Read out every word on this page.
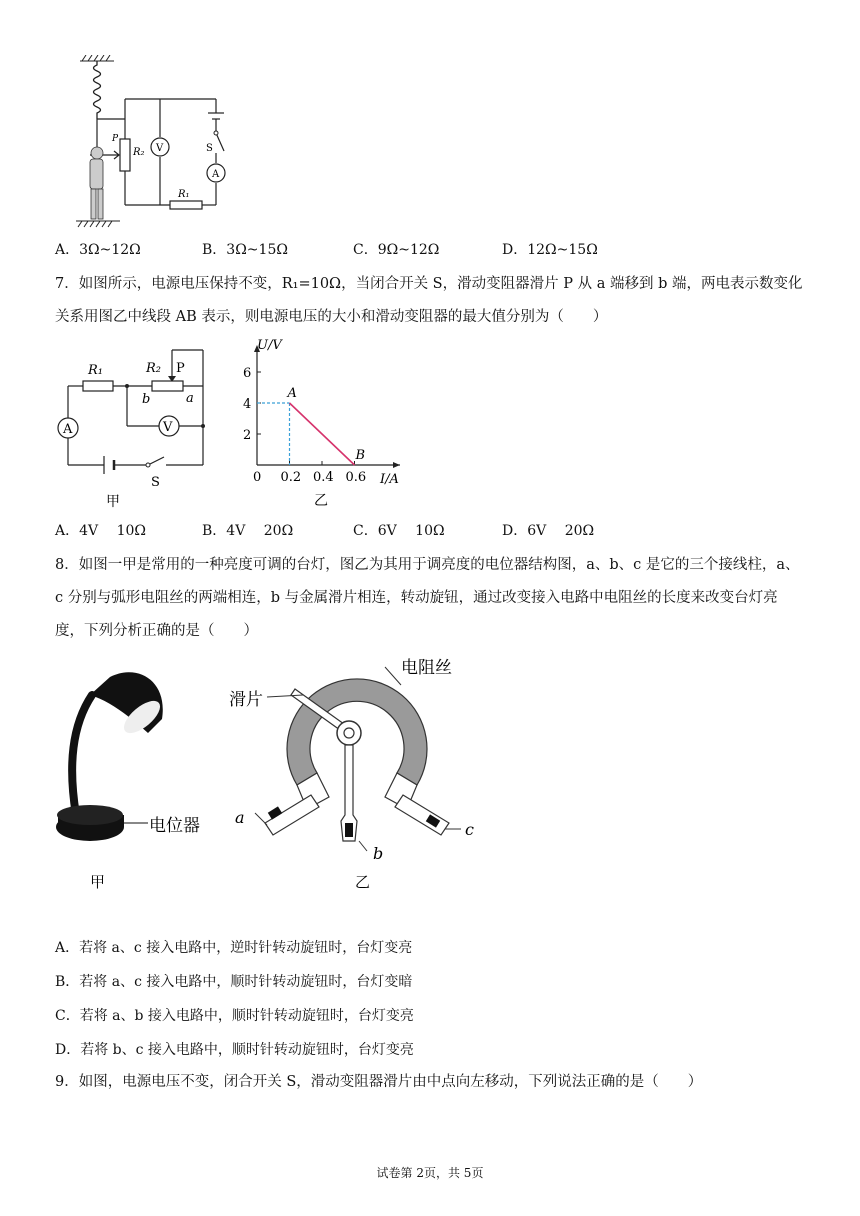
P
R₂ V	S
A
R₁
A．3Ω~12Ω	B．3Ω~15Ω	C．9Ω~12Ω	D．12Ω~15Ω
7．如图所示，电源电压保持不变，R₁=10Ω，当闭合开关 S，滑动变阻器滑片 P 从 a 端移到 b 端，两电表示数变化
关系用图乙中线段 AB 表示，则电源电压的大小和滑动变阻器的最大值分别为（　　）
R₁	R₂ P
b	a
A	V
S
甲
0 0.2 0.4 0.6
2
4
6
A
B
U/V
I/A
乙
A．4V　 10Ω	B．4V　 20Ω	C．6V　 10Ω	D．6V　 20Ω
8．如图一甲是常用的一种亮度可调的台灯，图乙为其用于调亮度的电位器结构图，a、b、c 是它的三个接线柱，a、
c 分别与弧形电阻丝的两端相连，b 与金属滑片相连，转动旋钮，通过改变接入电路中电阻丝的长度来改变台灯亮
度，下列分析正确的是（　　）
电位器
甲
电阻丝
滑片
a
b
c
乙
A．若将 a、c 接入电路中，逆时针转动旋钮时，台灯变亮
B．若将 a、c 接入电路中，顺时针转动旋钮时，台灯变暗
C．若将 a、b 接入电路中，顺时针转动旋钮时，台灯变亮
D．若将 b、c 接入电路中，顺时针转动旋钮时，台灯变亮
9．如图，电源电压不变，闭合开关 S，滑动变阻器滑片由中点向左移动，下列说法正确的是（　　）
试卷第 2页，共 5页
